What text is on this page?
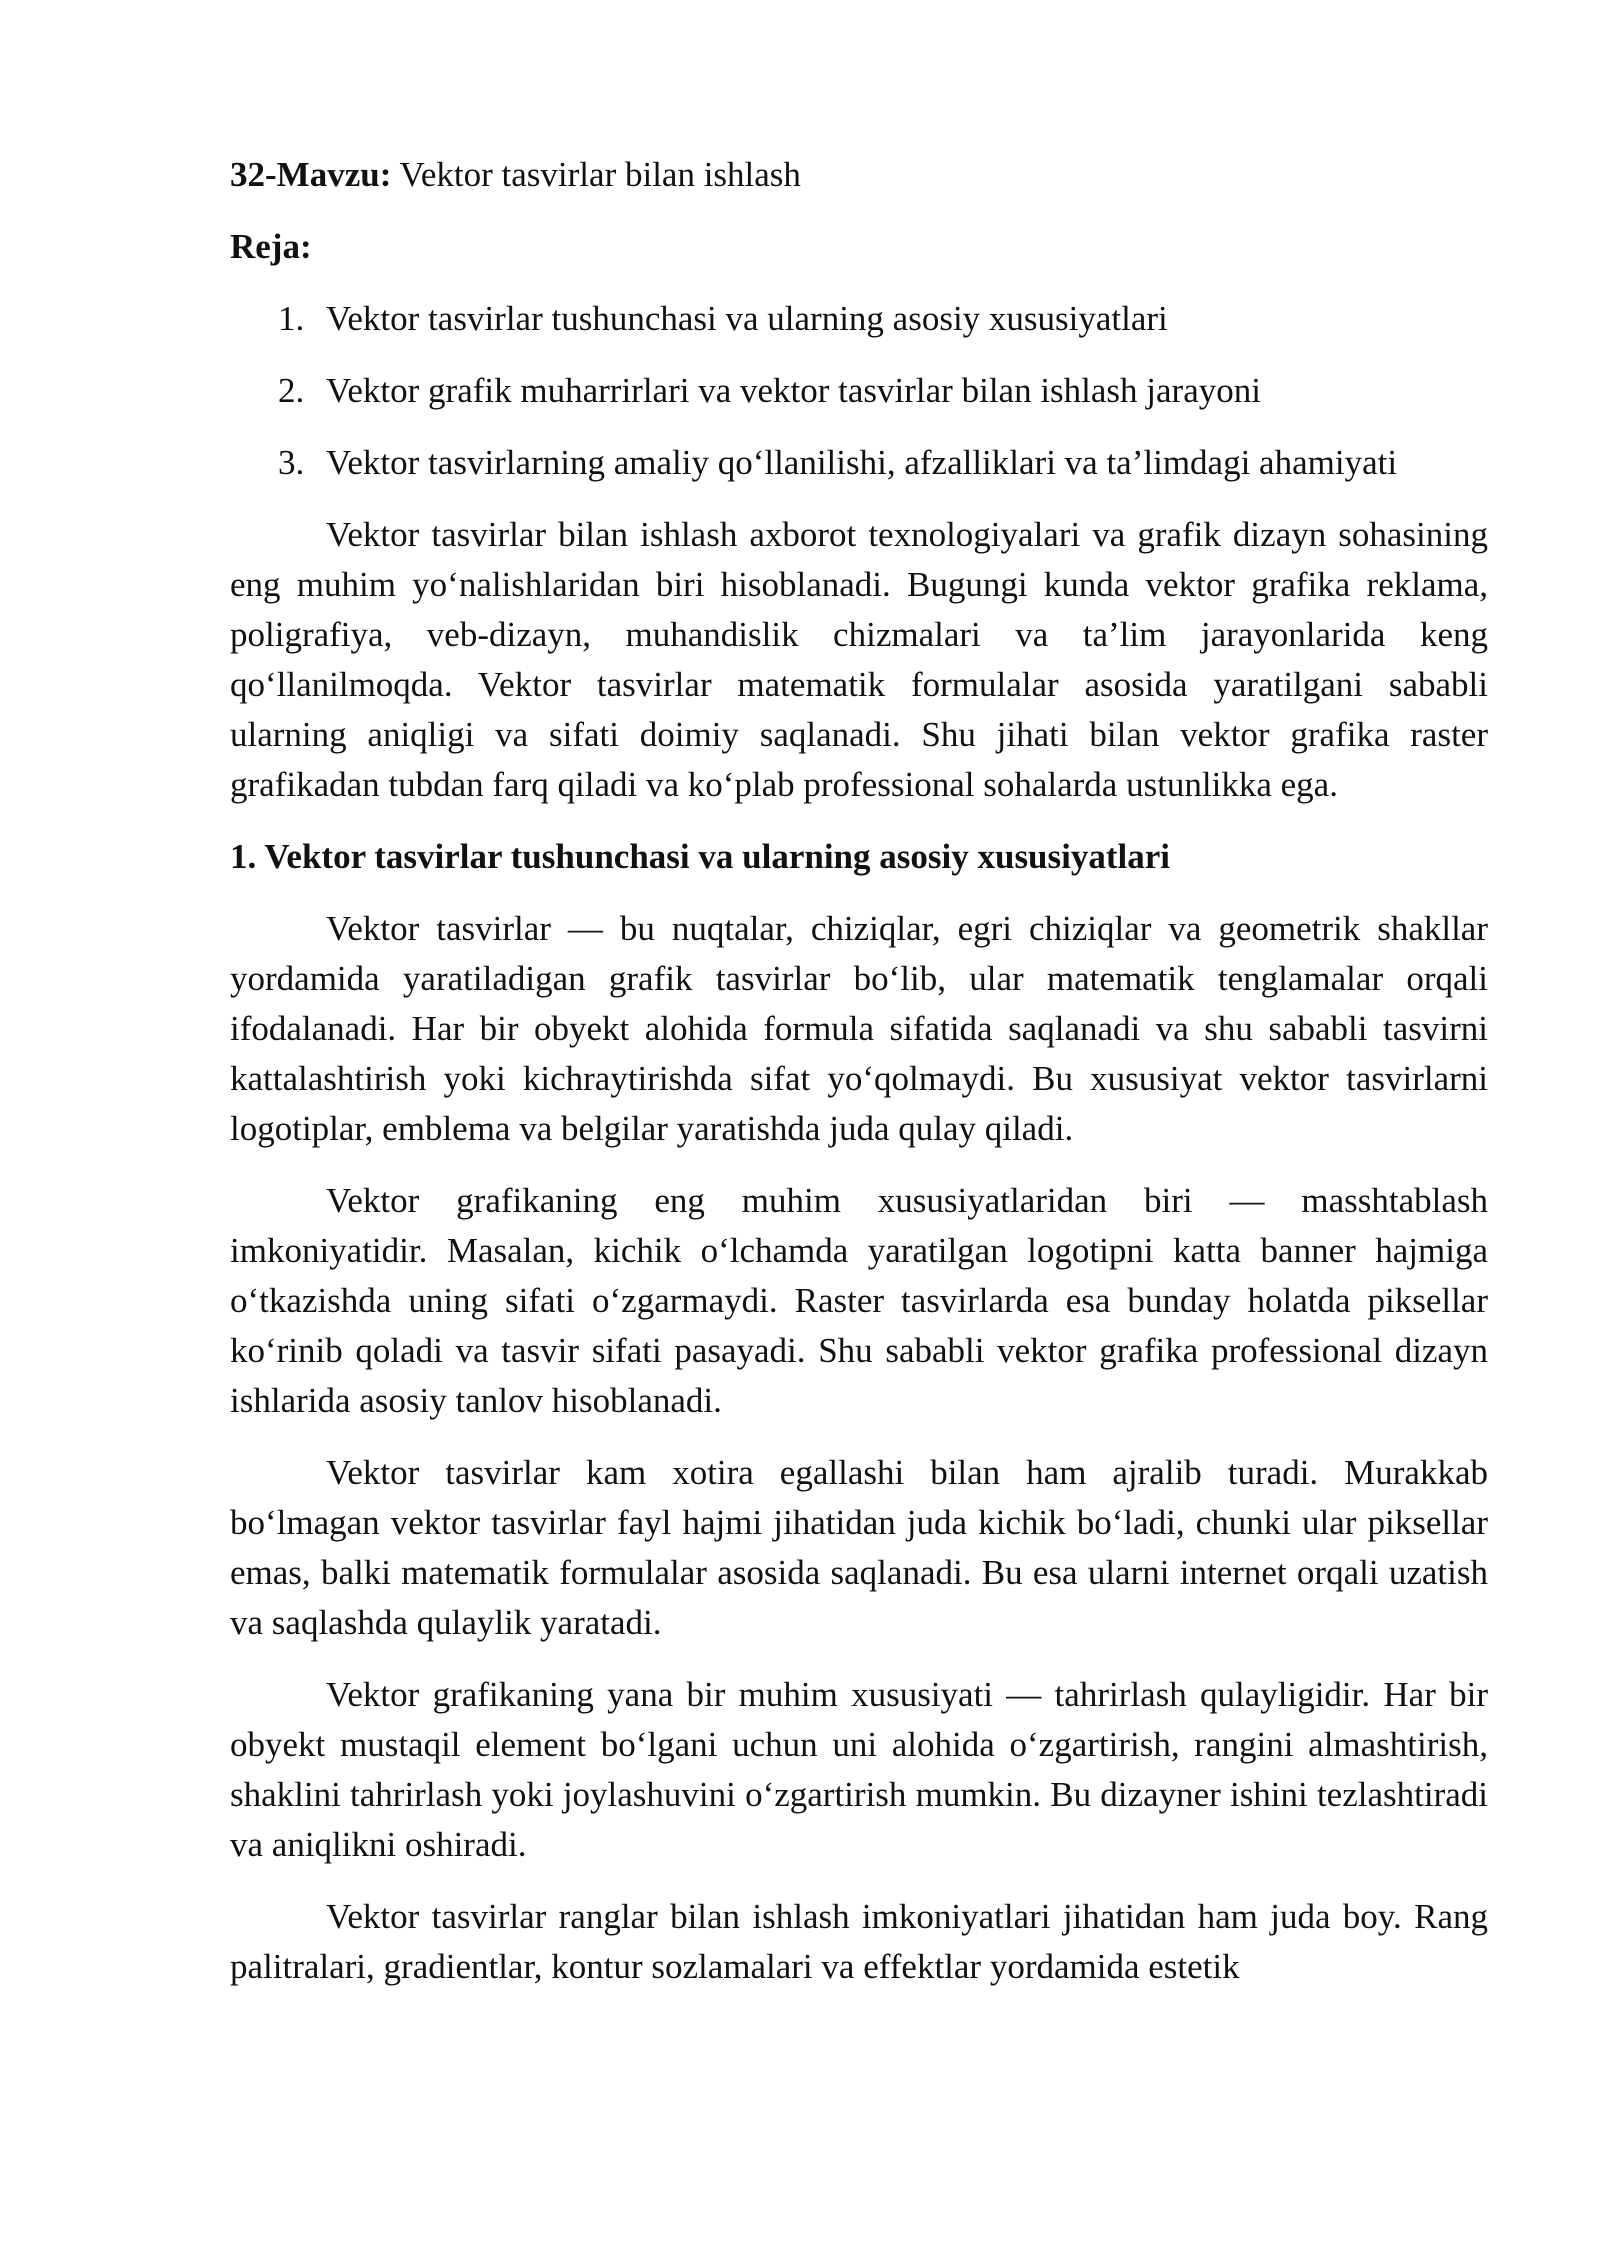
32-Mavzu: Vektor tasvirlar bilan ishlash
Reja:
1. Vektor tasvirlar tushunchasi va ularning asosiy xususiyatlari
2. Vektor grafik muharrirlari va vektor tasvirlar bilan ishlash jarayoni
3. Vektor tasvirlarning amaliy qo‘llanilishi, afzalliklari va ta’limdagi ahamiyati

Vektor tasvirlar bilan ishlash axborot texnologiyalari va grafik dizayn sohasining eng muhim yo‘nalishlaridan biri hisoblanadi. Bugungi kunda vektor grafika reklama, poligrafiya, veb-dizayn, muhandislik chizmalari va ta’lim jarayonlarida keng qo‘llanilmoqda. Vektor tasvirlar matematik formulalar asosida yaratilgani sababli ularning aniqligi va sifati doimiy saqlanadi. Shu jihati bilan vektor grafika raster grafikadan tubdan farq qiladi va ko‘plab professional sohalarda ustunlikka ega.

1. Vektor tasvirlar tushunchasi va ularning asosiy xususiyatlari

Vektor tasvirlar — bu nuqtalar, chiziqlar, egri chiziqlar va geometrik shakllar yordamida yaratiladigan grafik tasvirlar bo‘lib, ular matematik tenglamalar orqali ifodalanadi. Har bir obyekt alohida formula sifatida saqlanadi va shu sababli tasvirni kattalashtirish yoki kichraytirishda sifat yo‘qolmaydi. Bu xususiyat vektor tasvirlarni logotiplar, emblema va belgilar yaratishda juda qulay qiladi.

Vektor grafikaning eng muhim xususiyatlaridan biri — masshtablash imkoniyatidir. Masalan, kichik o‘lchamda yaratilgan logotipni katta banner hajmiga o‘tkazishda uning sifati o‘zgarmaydi. Raster tasvirlarda esa bunday holatda piksellar ko‘rinib qoladi va tasvir sifati pasayadi. Shu sababli vektor grafika professional dizayn ishlarida asosiy tanlov hisoblanadi.

Vektor tasvirlar kam xotira egallashi bilan ham ajralib turadi. Murakkab bo‘lmagan vektor tasvirlar fayl hajmi jihatidan juda kichik bo‘ladi, chunki ular piksellar emas, balki matematik formulalar asosida saqlanadi. Bu esa ularni internet orqali uzatish va saqlashda qulaylik yaratadi.

Vektor grafikaning yana bir muhim xususiyati — tahrirlash qulayligidir. Har bir obyekt mustaqil element bo‘lgani uchun uni alohida o‘zgartirish, rangini almashtirish, shaklini tahrirlash yoki joylashuvini o‘zgartirish mumkin. Bu dizayner ishini tezlashtiradi va aniqlikni oshiradi.

Vektor tasvirlar ranglar bilan ishlash imkoniyatlari jihatidan ham juda boy. Rang palitralari, gradientlar, kontur sozlamalari va effektlar yordamida estetik
